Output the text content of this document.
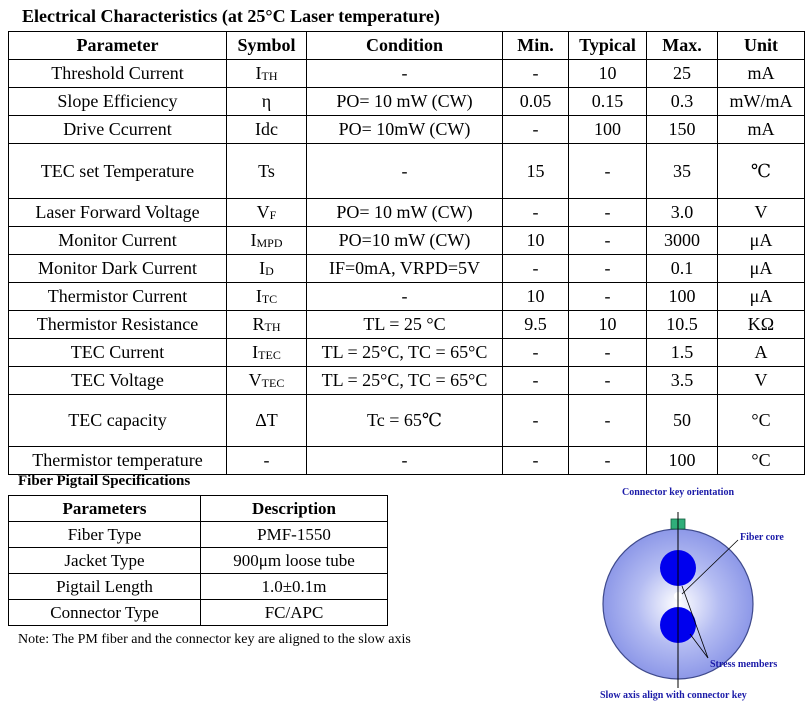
Electrical Characteristics (at 25°C Laser temperature)
Parameter	Symbol	Condition	Min.	Typical	Max.	Unit
Threshold Current	ITH	-	-	10	25	mA
Slope Efficiency	η	PO= 10 mW (CW)	0.05	0.15	0.3	mW/mA
Drive Ccurrent	Idc	PO= 10mW (CW)	-	100	150	mA
TEC set Temperature	Ts	-	15	-	35	℃
Laser Forward Voltage	VF	PO= 10 mW (CW)	-	-	3.0	V
Monitor Current	IMPD	PO=10 mW (CW)	10	-	3000	μA
Monitor Dark Current	ID	IF=0mA, VRPD=5V	-	-	0.1	μA
Thermistor Current	ITC	-	10	-	100	μA
Thermistor Resistance	RTH	TL = 25 °C	9.5	10	10.5	KΩ
TEC Current	ITEC	TL = 25°C, TC = 65°C	-	-	1.5	A
TEC Voltage	VTEC	TL = 25°C, TC = 65°C	-	-	3.5	V
TEC capacity	ΔT	Tc = 65℃	-	-	50	°C
Thermistor temperature	-	-	-	-	100	°C
Fiber Pigtail Specifications
Parameters	Description
Fiber Type	PMF-1550
Jacket Type	900μm loose tube
Pigtail Length	1.0±0.1m
Connector Type	FC/APC
Note: The PM fiber and the connector key are aligned to the slow axis
Connector key orientation
Fiber core
Stress members
Slow axis align with connector key
